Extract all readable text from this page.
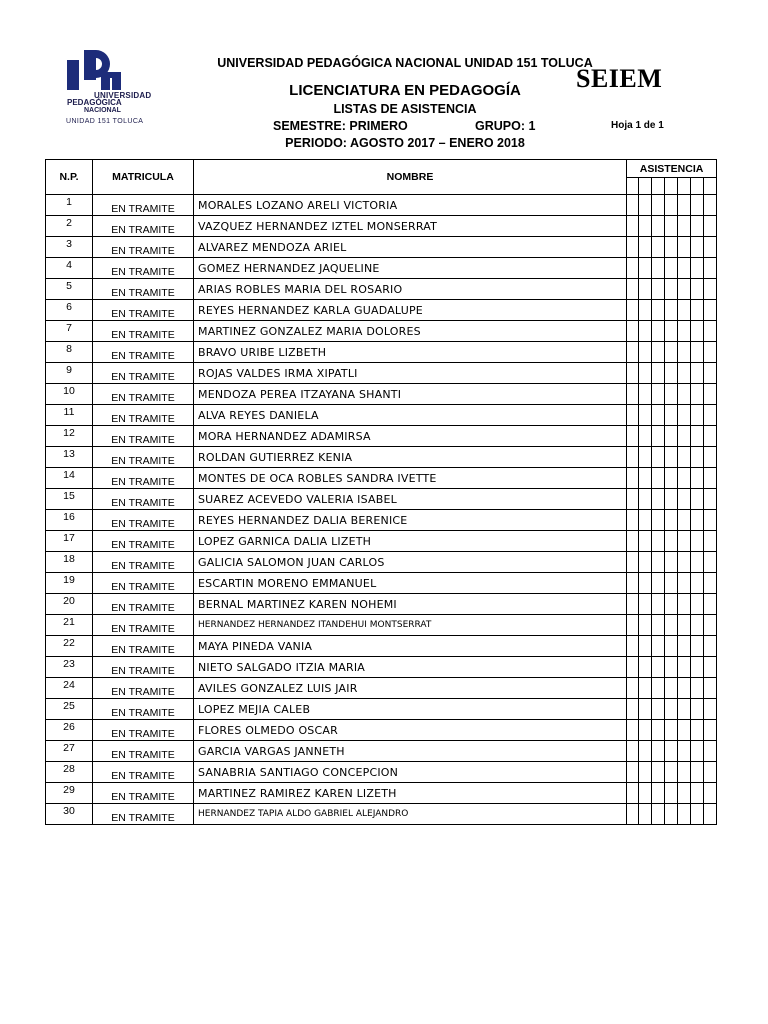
UNIVERSIDAD
PEDAGÓGICA
NACIONAL
UNIDAD 151 TOLUCA
UNIVERSIDAD PEDAGÓGICA NACIONAL UNIDAD 151 TOLUCA
SEIEM
LICENCIATURA EN PEDAGOGÍA
LISTAS DE ASISTENCIA
SEMESTRE: PRIMERO	GRUPO: 1	Hoja 1 de 1
PERIODO: AGOSTO 2017 – ENERO 2018
N.P.	MATRICULA	NOMBRE	ASISTENCIA						

1	EN TRAMITE	MORALES LOZANO ARELI VICTORIA							
2	EN TRAMITE	VAZQUEZ HERNANDEZ IZTEL MONSERRAT							
3	EN TRAMITE	ALVAREZ MENDOZA ARIEL							
4	EN TRAMITE	GOMEZ HERNANDEZ JAQUELINE							
5	EN TRAMITE	ARIAS ROBLES MARIA DEL ROSARIO							
6	EN TRAMITE	REYES HERNANDEZ KARLA GUADALUPE							
7	EN TRAMITE	MARTINEZ GONZALEZ MARIA DOLORES							
8	EN TRAMITE	BRAVO URIBE LIZBETH							
9	EN TRAMITE	ROJAS VALDES IRMA XIPATLI							
10	EN TRAMITE	MENDOZA PEREA ITZAYANA SHANTI							
11	EN TRAMITE	ALVA REYES DANIELA							
12	EN TRAMITE	MORA HERNANDEZ ADAMIRSA							
13	EN TRAMITE	ROLDAN GUTIERREZ KENIA							
14	EN TRAMITE	MONTES DE OCA ROBLES SANDRA IVETTE							
15	EN TRAMITE	SUAREZ ACEVEDO VALERIA ISABEL							
16	EN TRAMITE	REYES HERNANDEZ DALIA BERENICE							
17	EN TRAMITE	LOPEZ GARNICA DALIA LIZETH							
18	EN TRAMITE	GALICIA SALOMON JUAN CARLOS							
19	EN TRAMITE	ESCARTIN MORENO EMMANUEL							
20	EN TRAMITE	BERNAL MARTINEZ KAREN NOHEMI							
21	EN TRAMITE	HERNANDEZ HERNANDEZ ITANDEHUI MONTSERRAT							
22	EN TRAMITE	MAYA PINEDA VANIA							
23	EN TRAMITE	NIETO SALGADO ITZIA MARIA							
24	EN TRAMITE	AVILES GONZALEZ LUIS JAIR							
25	EN TRAMITE	LOPEZ MEJIA CALEB							
26	EN TRAMITE	FLORES OLMEDO OSCAR							
27	EN TRAMITE	GARCIA VARGAS JANNETH							
28	EN TRAMITE	SANABRIA SANTIAGO CONCEPCION							
29	EN TRAMITE	MARTINEZ RAMIREZ KAREN LIZETH							
30	EN TRAMITE	HERNANDEZ TAPIA ALDO GABRIEL ALEJANDRO							
